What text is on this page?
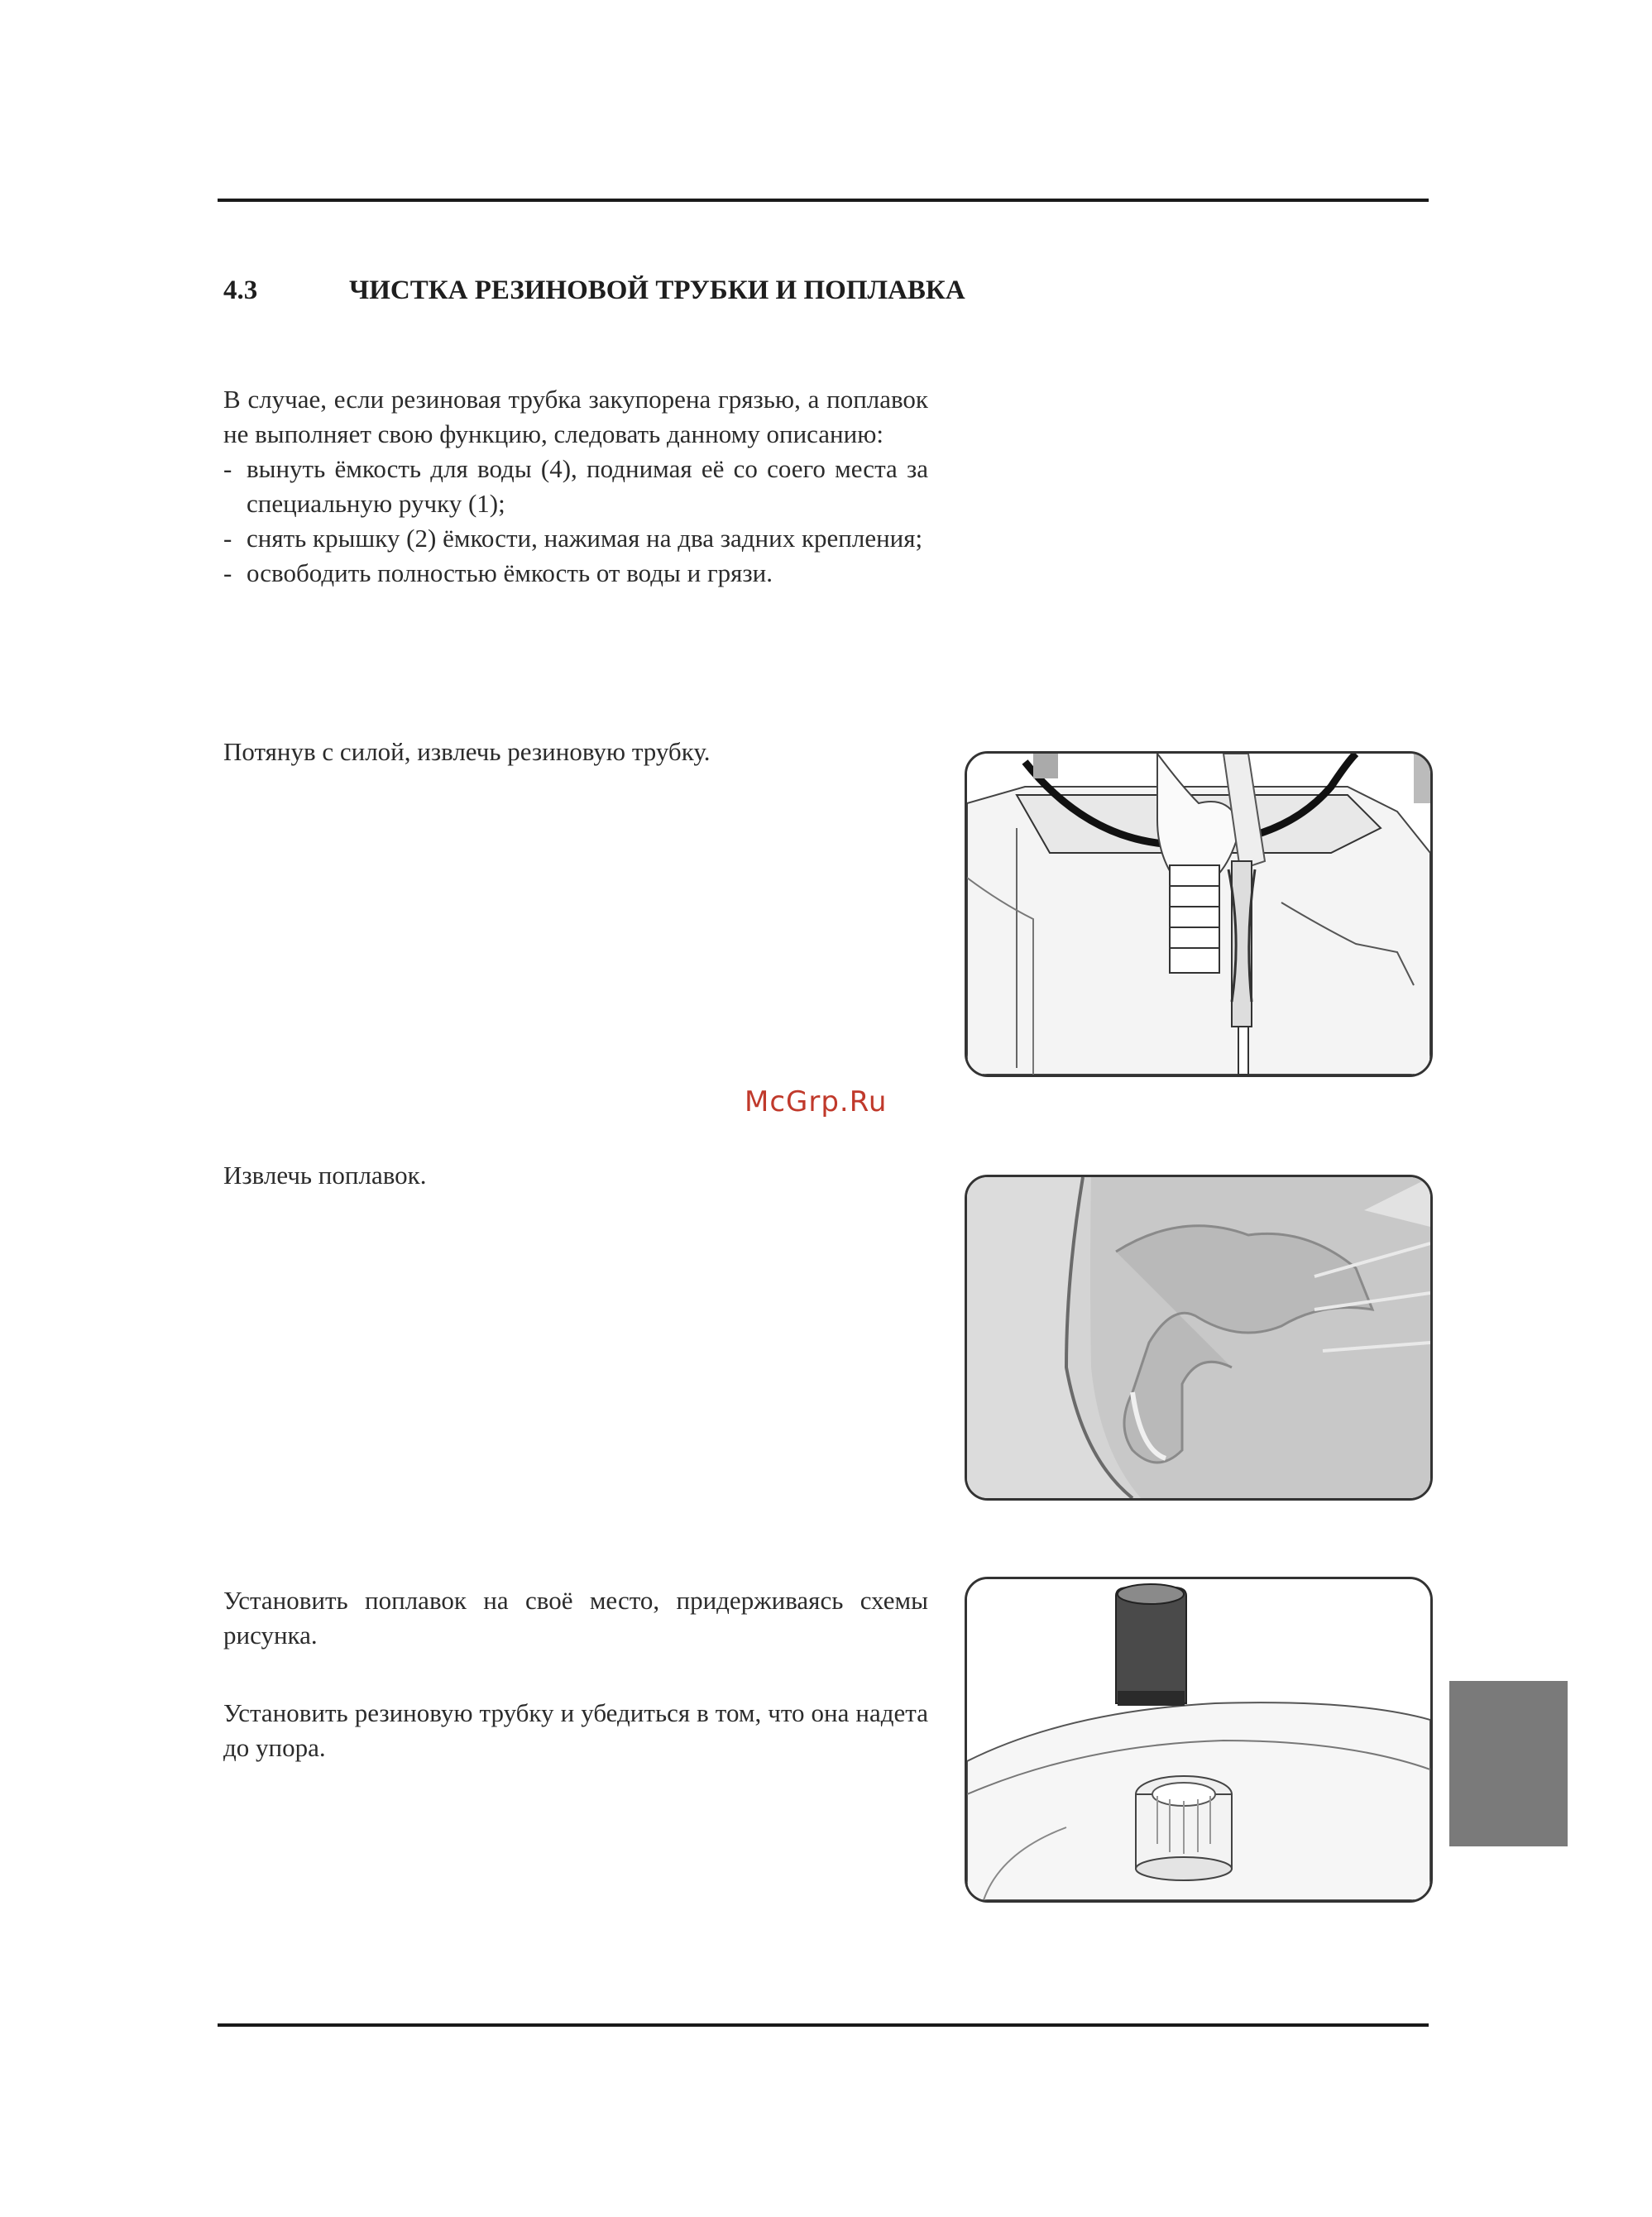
4.3	ЧИСТКА РЕЗИНОВОЙ ТРУБКИ И ПОПЛАВКА
В случае, если резиновая трубка закупорена грязью, а поплавок не выполняет свою функцию, следовать данному описанию:
- вынуть ёмкость для воды (4), поднимая её со соего места за специальную ручку (1);
- снять крышку (2) ёмкости, нажимая на два задних крепления;
- освободить полностью ёмкость от воды и грязи.
Потянув с силой, извлечь резиновую трубку.
McGrp.Ru
Извлечь поплавок.
Установить поплавок на своё место, придерживаясь схемы рисунка.
Установить резиновую трубку и убедиться в том, что она надета до упора.
